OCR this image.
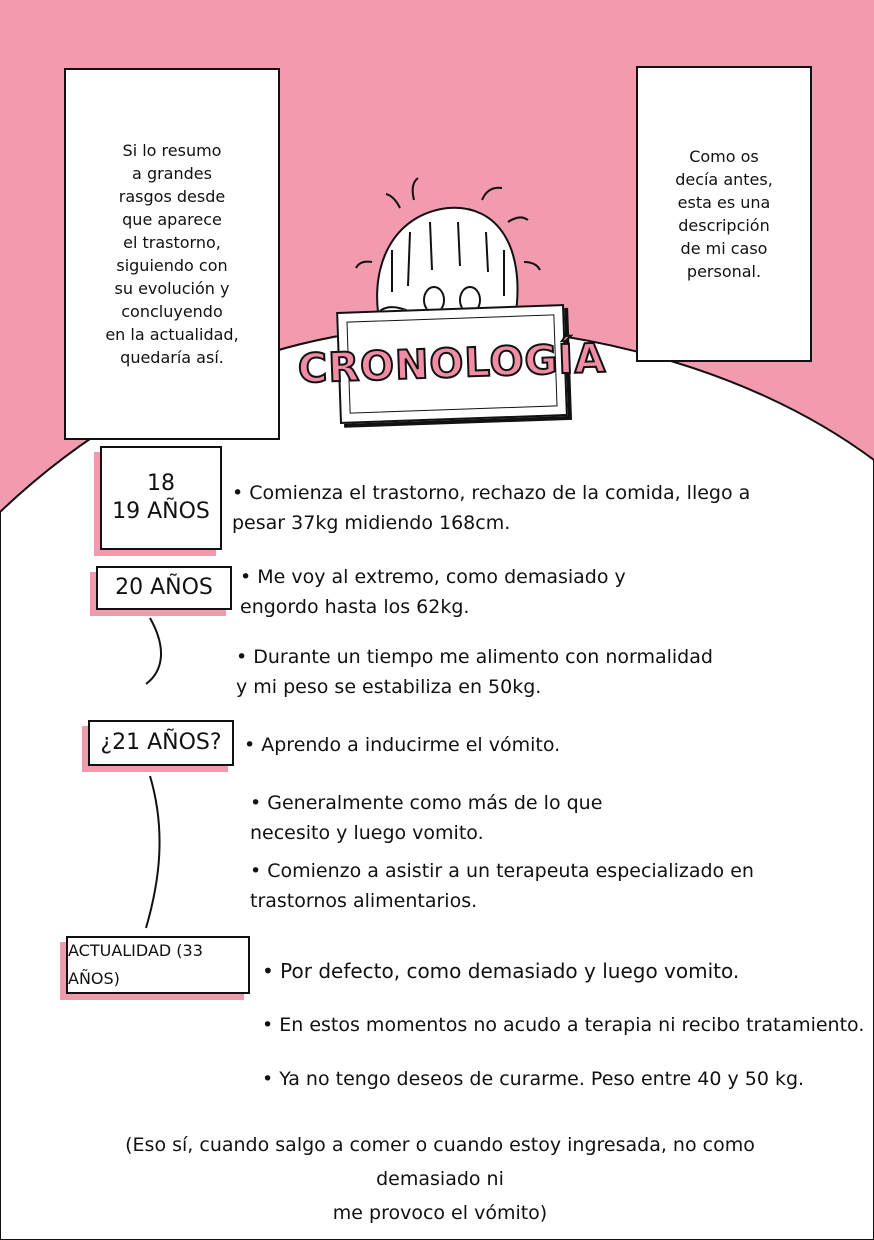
Si lo resumo
a grandes
rasgos desde
que aparece
el trastorno,
siguiendo con
su evolución y
concluyendo
en la actualidad,
quedaría así.
Como os
decía antes,
esta es una
descripción
de mi caso
personal.
CRONOLOGÍA
18
19 AÑOS
20 AÑOS
¿21 AÑOS?
ACTUALIDAD (33 AÑOS)
• Comienza el trastorno, rechazo de la comida, llego a
pesar 37kg midiendo 168cm.
• Me voy al extremo, como demasiado y
engordo hasta los 62kg.
• Durante un tiempo me alimento con normalidad
y mi peso se estabiliza en 50kg.
• Aprendo a inducirme el vómito.
• Generalmente como más de lo que
necesito y luego vomito.
• Comienzo a asistir a un terapeuta especializado en
trastornos alimentarios.
• Por defecto, como demasiado y luego vomito.
• En estos momentos no acudo a terapia ni recibo tratamiento.
• Ya no tengo deseos de curarme. Peso entre 40 y 50 kg.
(Eso sí, cuando salgo a comer o cuando estoy ingresada, no como demasiado ni
me provoco el vómito)
